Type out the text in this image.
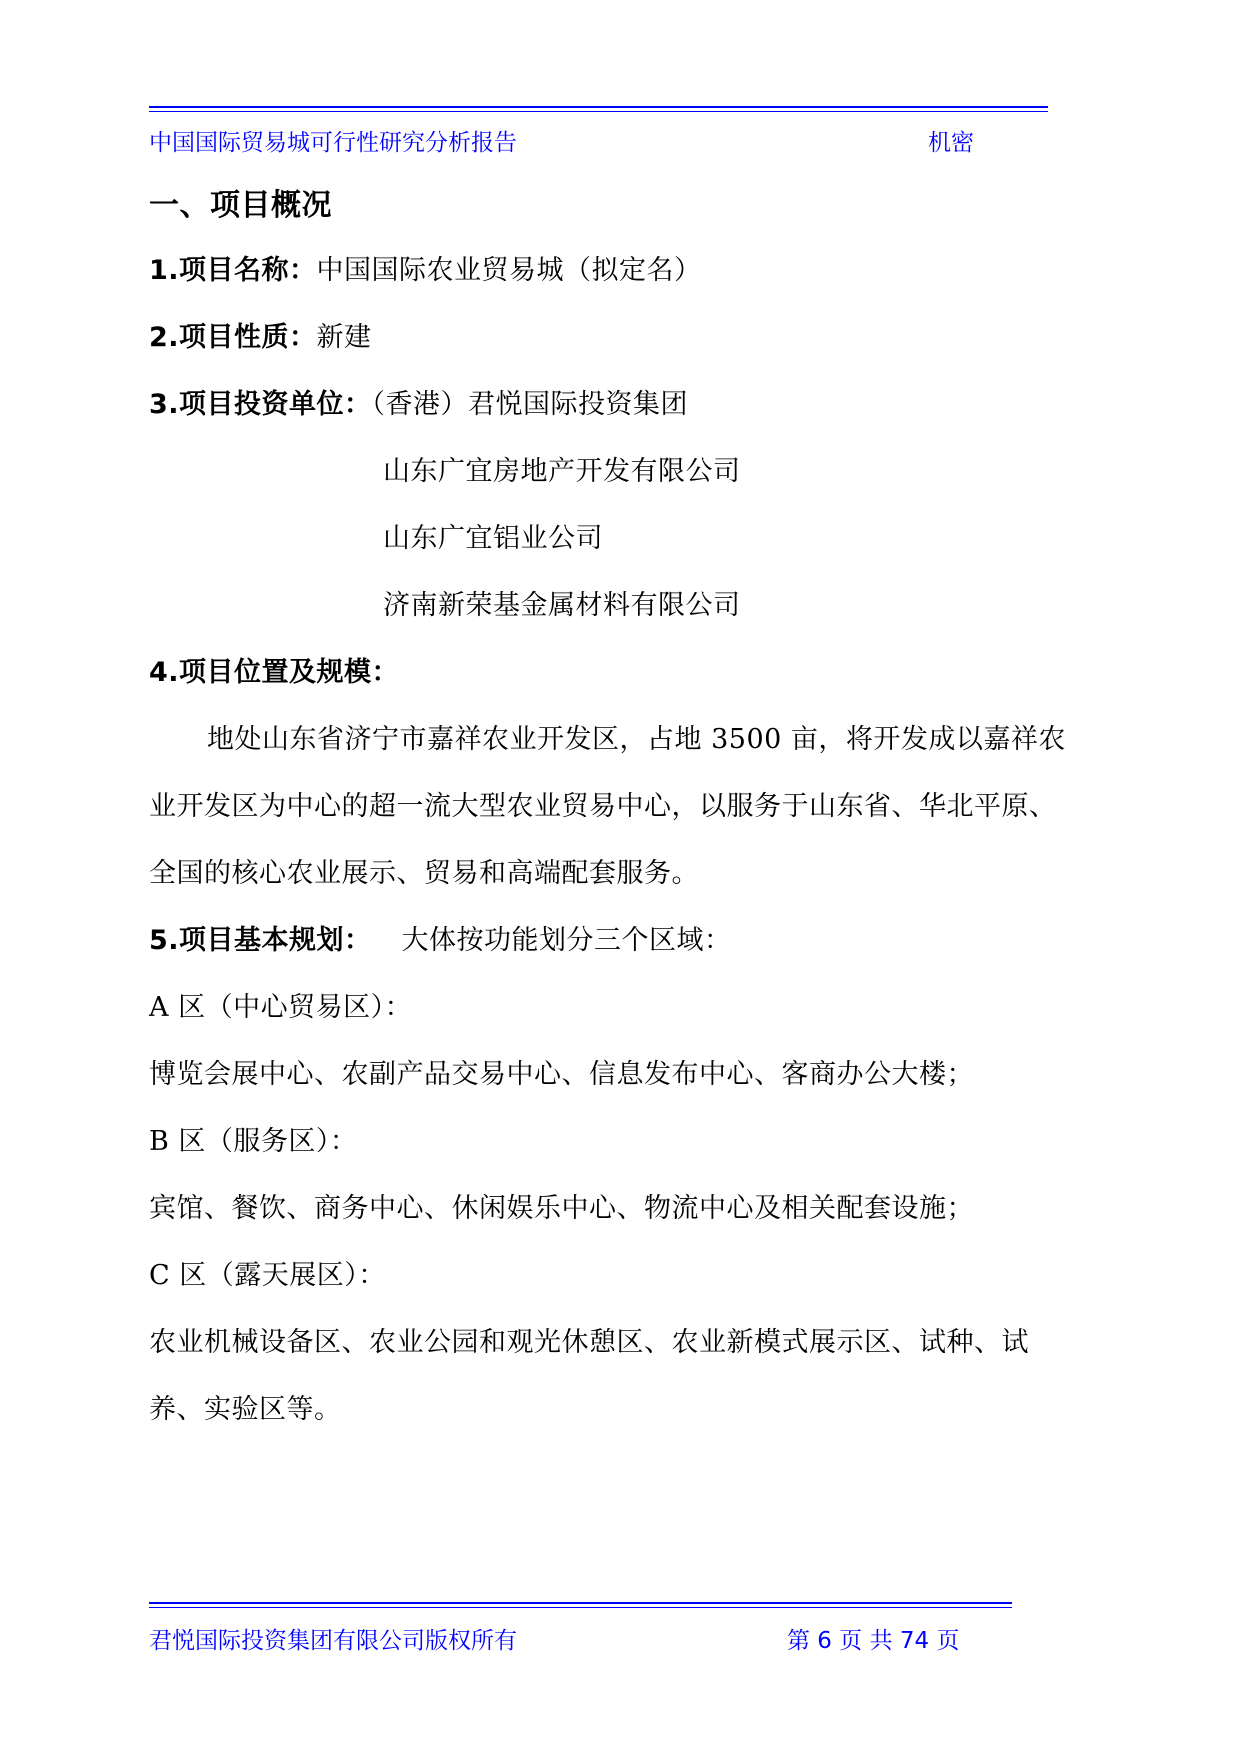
中国国际贸易城可行性研究分析报告	机密
一、项目概况
1.项目名称：中国国际农业贸易城（拟定名）
2.项目性质：新建
3.项目投资单位：（香港）君悦国际投资集团
山东广宜房地产开发有限公司
山东广宜铝业公司
济南新荣基金属材料有限公司
4.项目位置及规模：
地处山东省济宁市嘉祥农业开发区，占地 3500 亩，将开发成以嘉祥农
业开发区为中心的超一流大型农业贸易中心，以服务于山东省、华北平原、
全国的核心农业展示、贸易和高端配套服务。
5.项目基本规划： 大体按功能划分三个区域：
A 区（中心贸易区）：
博览会展中心、农副产品交易中心、信息发布中心、客商办公大楼；
B 区（服务区）：
宾馆、餐饮、商务中心、休闲娱乐中心、物流中心及相关配套设施；
C 区（露天展区）：
农业机械设备区、农业公园和观光休憩区、农业新模式展示区、试种、试
养、实验区等。
君悦国际投资集团有限公司版权所有	第 6 页 共 74 页
